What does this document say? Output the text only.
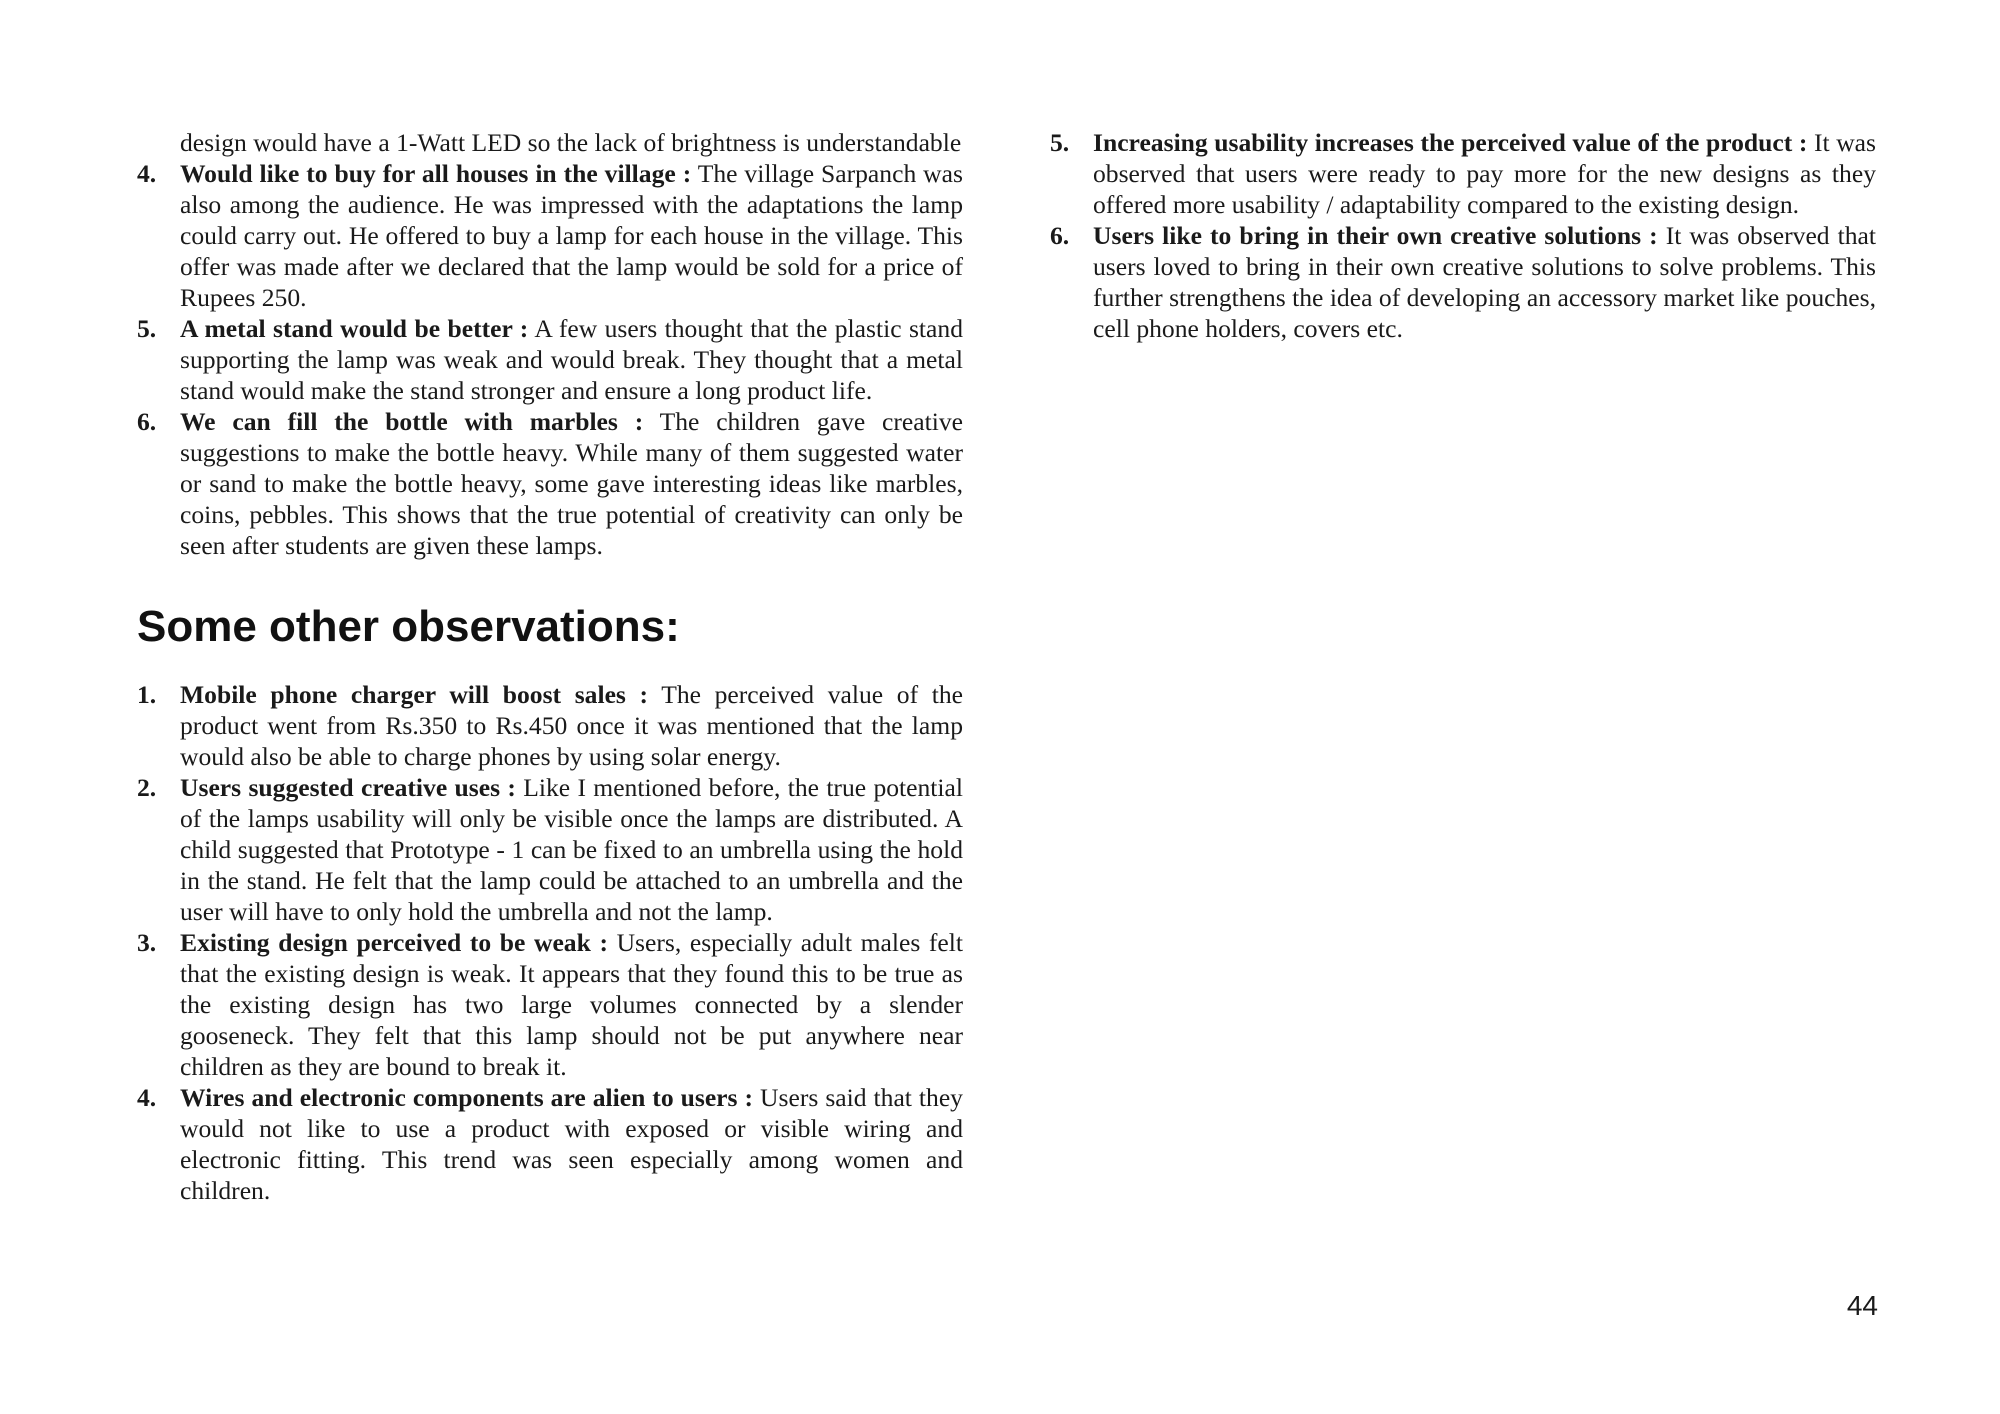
design would have a 1-Watt LED so the lack of brightness is understandable

4. Would like to buy for all houses in the village : The village Sarpanch was also among the audience. He was impressed with the adaptations the lamp could carry out. He offered to buy a lamp for each house in the village. This offer was made after we declared that the lamp would be sold for a price of Rupees 250.

5. A metal stand would be better : A few users thought that the plastic stand supporting the lamp was weak and would break. They thought that a metal stand would make the stand stronger and ensure a long product life.

6. We can fill the bottle with marbles : The children gave creative suggestions to make the bottle heavy. While many of them suggested water or sand to make the bottle heavy, some gave interesting ideas like marbles, coins, pebbles. This shows that the true potential of creativity can only be seen after students are given these lamps.

Some other observations:

1. Mobile phone charger will boost sales : The perceived value of the product went from Rs.350 to Rs.450 once it was mentioned that the lamp would also be able to charge phones by using solar energy.

2. Users suggested creative uses : Like I mentioned before, the true potential of the lamps usability will only be visible once the lamps are distributed. A child suggested that Prototype - 1 can be fixed to an umbrella using the hold in the stand. He felt that the lamp could be attached to an umbrella and the user will have to only hold the umbrella and not the lamp.

3. Existing design perceived to be weak : Users, especially adult males felt that the existing design is weak. It appears that they found this to be true as the existing design has two large volumes connected by a slender gooseneck. They felt that this lamp should not be put anywhere near children as they are bound to break it.

4. Wires and electronic components are alien to users : Users said that they would not like to use a product with exposed or visible wiring and electronic fitting. This trend was seen especially among women and children.

5. Increasing usability increases the perceived value of the product : It was observed that users were ready to pay more for the new designs as they offered more usability / adaptability compared to the existing design.

6. Users like to bring in their own creative solutions : It was observed that users loved to bring in their own creative solutions to solve problems. This further strengthens the idea of developing an accessory market like pouches, cell phone holders, covers etc.

44
